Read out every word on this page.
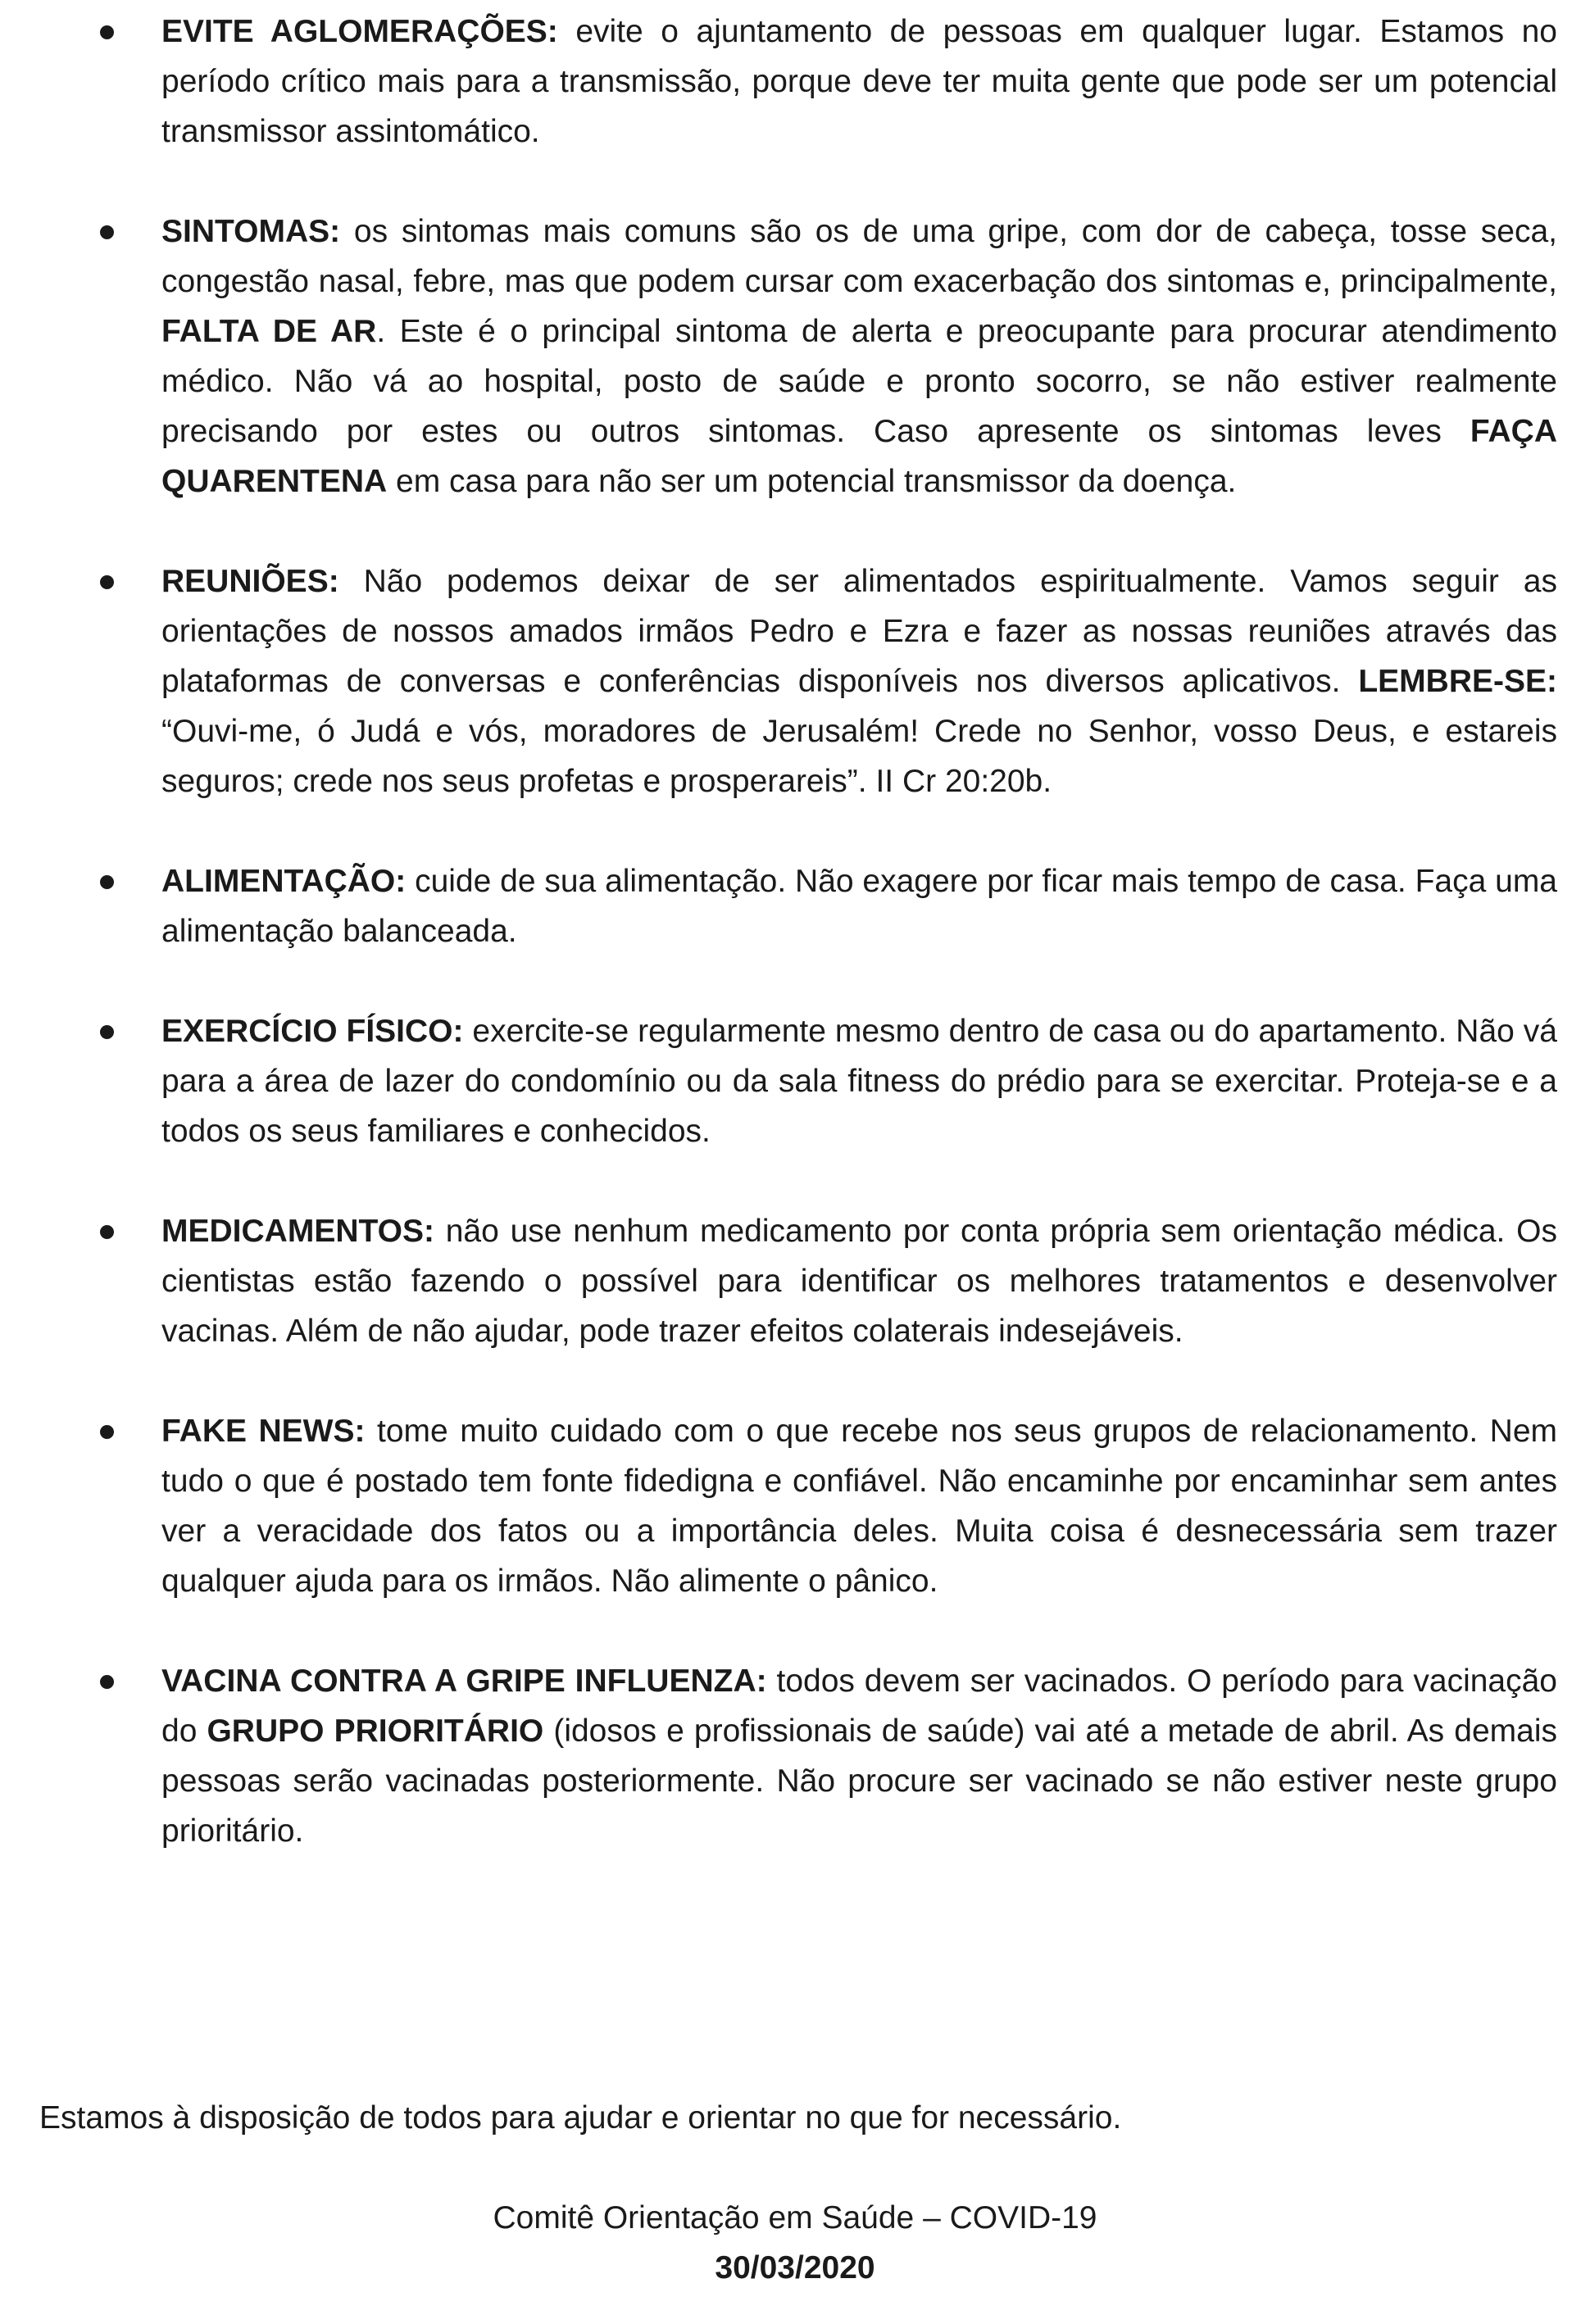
EVITE AGLOMERAÇÕES: evite o ajuntamento de pessoas em qualquer lugar. Estamos no período crítico mais para a transmissão, porque deve ter muita gente que pode ser um potencial transmissor assintomático.
SINTOMAS: os sintomas mais comuns são os de uma gripe, com dor de cabeça, tosse seca, congestão nasal, febre, mas que podem cursar com exacerbação dos sintomas e, principalmente, FALTA DE AR. Este é o principal sintoma de alerta e preocupante para procurar atendimento médico. Não vá ao hospital, posto de saúde e pronto socorro, se não estiver realmente precisando por estes ou outros sintomas. Caso apresente os sintomas leves FAÇA QUARENTENA em casa para não ser um potencial transmissor da doença.
REUNIÕES: Não podemos deixar de ser alimentados espiritualmente. Vamos seguir as orientações de nossos amados irmãos Pedro e Ezra e fazer as nossas reuniões através das plataformas de conversas e conferências disponíveis nos diversos aplicativos. LEMBRE-SE: “Ouvi-me, ó Judá e vós, moradores de Jerusalém! Crede no Senhor, vosso Deus, e estareis seguros; crede nos seus profetas e prosperareis”. II Cr 20:20b.
ALIMENTAÇÃO: cuide de sua alimentação. Não exagere por ficar mais tempo de casa. Faça uma alimentação balanceada.
EXERCÍCIO FÍSICO: exercite-se regularmente mesmo dentro de casa ou do apartamento. Não vá para a área de lazer do condomínio ou da sala fitness do prédio para se exercitar. Proteja-se e a todos os seus familiares e conhecidos.
MEDICAMENTOS: não use nenhum medicamento por conta própria sem orientação médica. Os cientistas estão fazendo o possível para identificar os melhores tratamentos e desenvolver vacinas. Além de não ajudar, pode trazer efeitos colaterais indesejáveis.
FAKE NEWS: tome muito cuidado com o que recebe nos seus grupos de relacionamento. Nem tudo o que é postado tem fonte fidedigna e confiável. Não encaminhe por encaminhar sem antes ver a veracidade dos fatos ou a importância deles. Muita coisa é desnecessária sem trazer qualquer ajuda para os irmãos. Não alimente o pânico.
VACINA CONTRA A GRIPE INFLUENZA: todos devem ser vacinados. O período para vacinação do GRUPO PRIORITÁRIO (idosos e profissionais de saúde) vai até a metade de abril. As demais pessoas serão vacinadas posteriormente. Não procure ser vacinado se não estiver neste grupo prioritário.

Estamos à disposição de todos para ajudar e orientar no que for necessário.

Comitê Orientação em Saúde – COVID-19

30/03/2020
